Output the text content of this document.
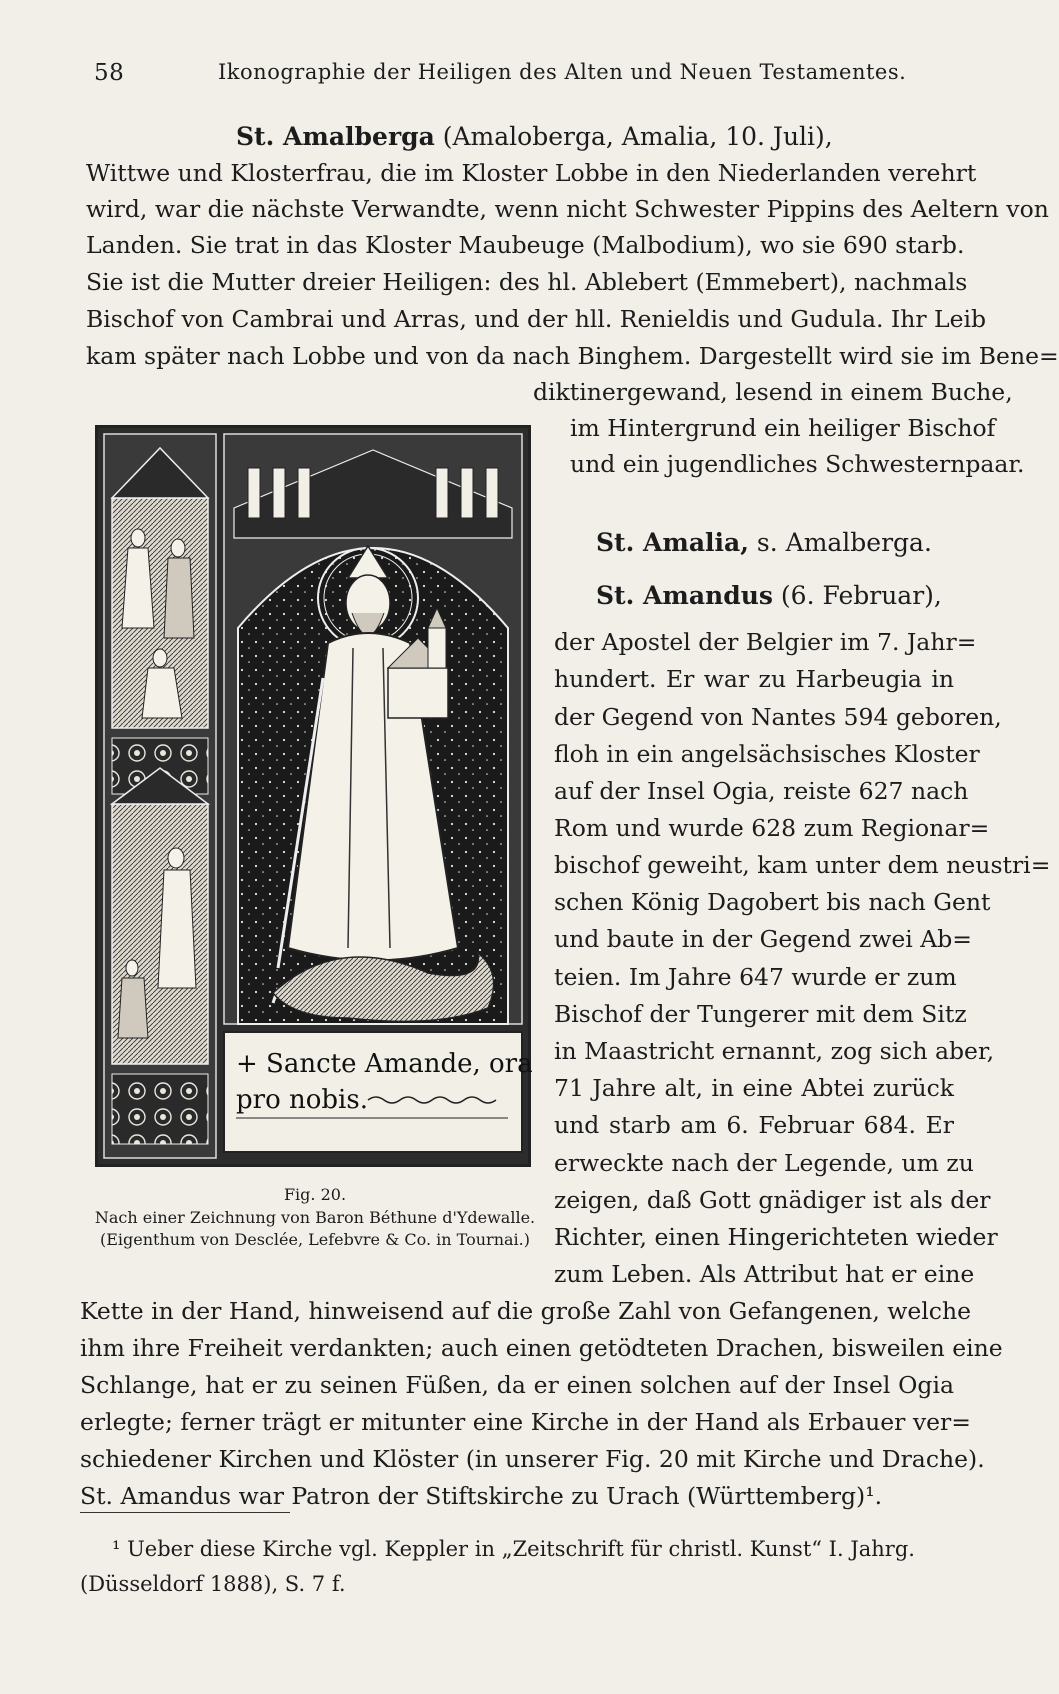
58	Ikonographie der Heiligen des Alten und Neuen Testamentes.
St. Amalberga (Amaloberga, Amalia, 10. Juli),
Wittwe und Klosterfrau, die im Kloster Lobbe in den Niederlanden verehrt
wird, war die nächste Verwandte, wenn nicht Schwester Pippins des Aeltern von
Landen. Sie trat in das Kloster Maubeuge (Malbodium), wo sie 690 starb.
Sie ist die Mutter dreier Heiligen: des hl. Ablebert (Emmebert), nachmals
Bischof von Cambrai und Arras, und der hll. Renieldis und Gudula. Ihr Leib
kam später nach Lobbe und von da nach Binghem. Dargestellt wird sie im Bene=
diktinergewand, lesend in einem Buche,
im Hintergrund ein heiliger Bischof
und ein jugendliches Schwesternpaar.
St. Amalia, s. Amalberga.
St. Amandus (6. Februar),
der Apostel der Belgier im 7. Jahr=
hundert. Er war zu Harbeugia in
der Gegend von Nantes 594 geboren,
floh in ein angelsächsisches Kloster
auf der Insel Ogia, reiste 627 nach
Rom und wurde 628 zum Regionar=
bischof geweiht, kam unter dem neustri=
schen König Dagobert bis nach Gent
und baute in der Gegend zwei Ab=
teien. Im Jahre 647 wurde er zum
Bischof der Tungerer mit dem Sitz
in Maastricht ernannt, zog sich aber,
71 Jahre alt, in eine Abtei zurück
und starb am 6. Februar 684. Er
erweckte nach der Legende, um zu
zeigen, daß Gott gnädiger ist als der
Richter, einen Hingerichteten wieder
zum Leben. Als Attribut hat er eine
Kette in der Hand, hinweisend auf die große Zahl von Gefangenen, welche
ihm ihre Freiheit verdankten; auch einen getödteten Drachen, bisweilen eine
Schlange, hat er zu seinen Füßen, da er einen solchen auf der Insel Ogia
erlegte; ferner trägt er mitunter eine Kirche in der Hand als Erbauer ver=
schiedener Kirchen und Klöster (in unserer Fig. 20 mit Kirche und Drache).
St. Amandus war Patron der Stiftskirche zu Urach (Württemberg)¹.
+ Sancte Amande, ora
pro nobis.
Fig. 20.
Nach einer Zeichnung von Baron Béthune d'Ydewalle.
(Eigenthum von Desclée, Lefebvre & Co. in Tournai.)
¹ Ueber diese Kirche vgl. Keppler in „Zeitschrift für christl. Kunst“ I. Jahrg.
(Düsseldorf 1888), S. 7 f.
